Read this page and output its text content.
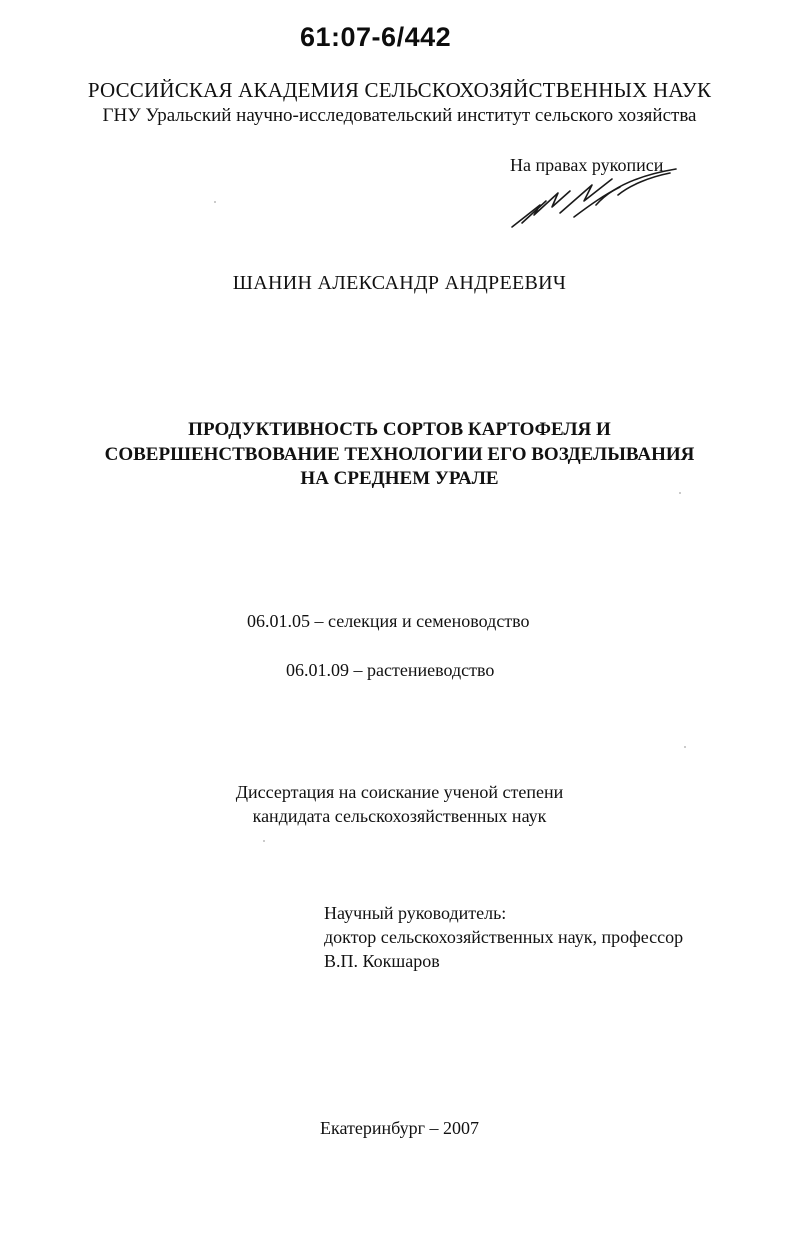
61:07-6/442
РОССИЙСКАЯ АКАДЕМИЯ СЕЛЬСКОХОЗЯЙСТВЕННЫХ НАУК
ГНУ Уральский научно-исследовательский институт сельского хозяйства
На правах рукописи
ШАНИН АЛЕКСАНДР АНДРЕЕВИЧ
ПРОДУКТИВНОСТЬ СОРТОВ КАРТОФЕЛЯ И
СОВЕРШЕНСТВОВАНИЕ ТЕХНОЛОГИИ ЕГО ВОЗДЕЛЫВАНИЯ
НА СРЕДНЕМ УРАЛЕ
06.01.05 – селекция и семеноводство
06.01.09 – растениеводство
Диссертация на соискание ученой степени
кандидата сельскохозяйственных наук
Научный руководитель:
доктор сельскохозяйственных наук, профессор
В.П. Кокшаров
Екатеринбург – 2007
